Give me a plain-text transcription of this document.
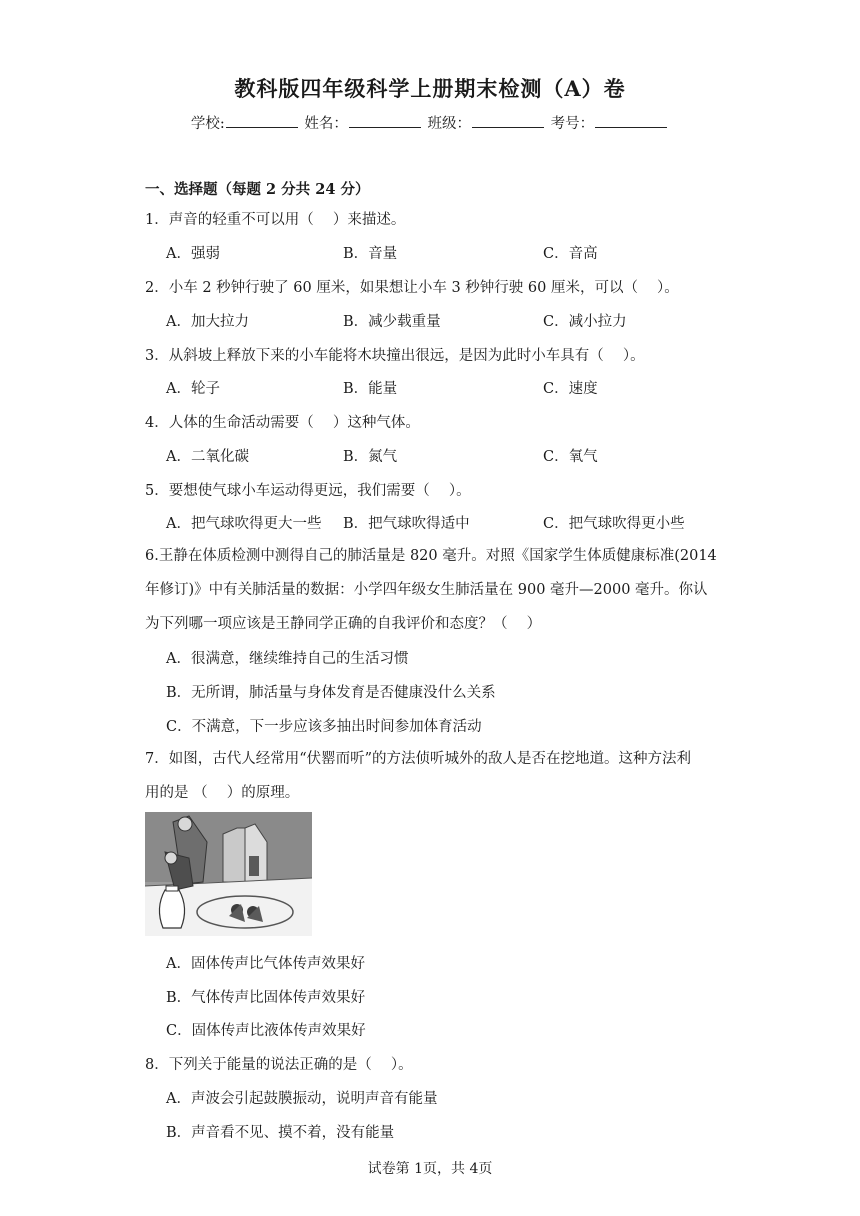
教科版四年级科学上册期末检测（A）卷
学校:	姓名：	班级：	考号：
一、选择题（每题 2 分共 24 分）
1．声音的轻重不可以用（　 ）来描述。
A．强弱	B．音量	C．音高
2．小车 2 秒钟行驶了 60 厘米，如果想让小车 3 秒钟行驶 60 厘米，可以（　 ）。
A．加大拉力	B．减少载重量	C．减小拉力
3．从斜坡上释放下来的小车能将木块撞出很远，是因为此时小车具有（　 ）。
A．轮子	B．能量	C．速度
4．人体的生命活动需要（　 ）这种气体。
A．二氧化碳	B．氮气	C．氧气
5．要想使气球小车运动得更远，我们需要（　 ）。
A．把气球吹得更大一些 B．把气球吹得适中	C．把气球吹得更小些
6.王静在体质检测中测得自己的肺活量是 820 毫升。对照《国家学生体质健康标准(2014
年修订)》中有关肺活量的数据：小学四年级女生肺活量在 900 毫升—2000 毫升。你认
为下列哪一项应该是王静同学正确的自我评价和态度？（　 ）
A．很满意，继续维持自己的生活习惯
B．无所谓，肺活量与身体发育是否健康没什么关系
C．不满意，下一步应该多抽出时间参加体育活动
7．如图，古代人经常用“伏罂而听”的方法侦听城外的敌人是否在挖地道。这种方法利
用的是 （　 ）的原理。
A．固体传声比气体传声效果好
B．气体传声比固体传声效果好
C．固体传声比液体传声效果好
8．下列关于能量的说法正确的是（　 ）。
A．声波会引起鼓膜振动，说明声音有能量
B．声音看不见、摸不着，没有能量
试卷第 1页，共 4页
